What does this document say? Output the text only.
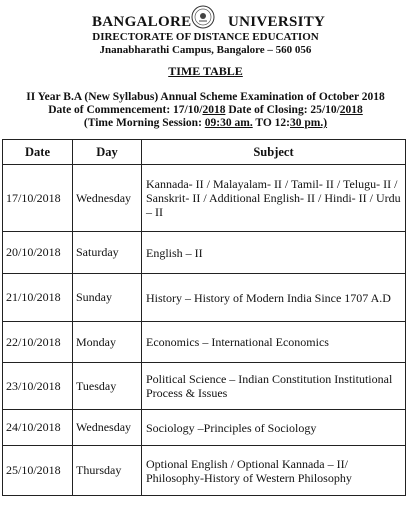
BANGALORE UNIVERSITY
DIRECTORATE OF DISTANCE EDUCATION
Jnanabharathi Campus, Bangalore – 560 056
TIME TABLE
II Year B.A (New Syllabus) Annual Scheme Examination of October 2018
Date of Commencement: 17/10/2018 Date of Closing: 25/10/2018
(Time Morning Session: 09:30 am. TO 12:30 pm.)
Date	Day	Subject
17/10/2018	Wednesday	Kannada- II / Malayalam- II / Tamil- II / Telugu- II / Sanskrit- II / Additional English- II / Hindi- II / Urdu – II
20/10/2018	Saturday	English – II
21/10/2018	Sunday	History – History of Modern India Since 1707 A.D
22/10/2018	Monday	Economics – International Economics
23/10/2018	Tuesday	Political Science – Indian Constitution Institutional Process & Issues
24/10/2018	Wednesday	Sociology –Principles of Sociology
25/10/2018	Thursday	Optional English / Optional Kannada – II/ Philosophy-History of Western Philosophy
